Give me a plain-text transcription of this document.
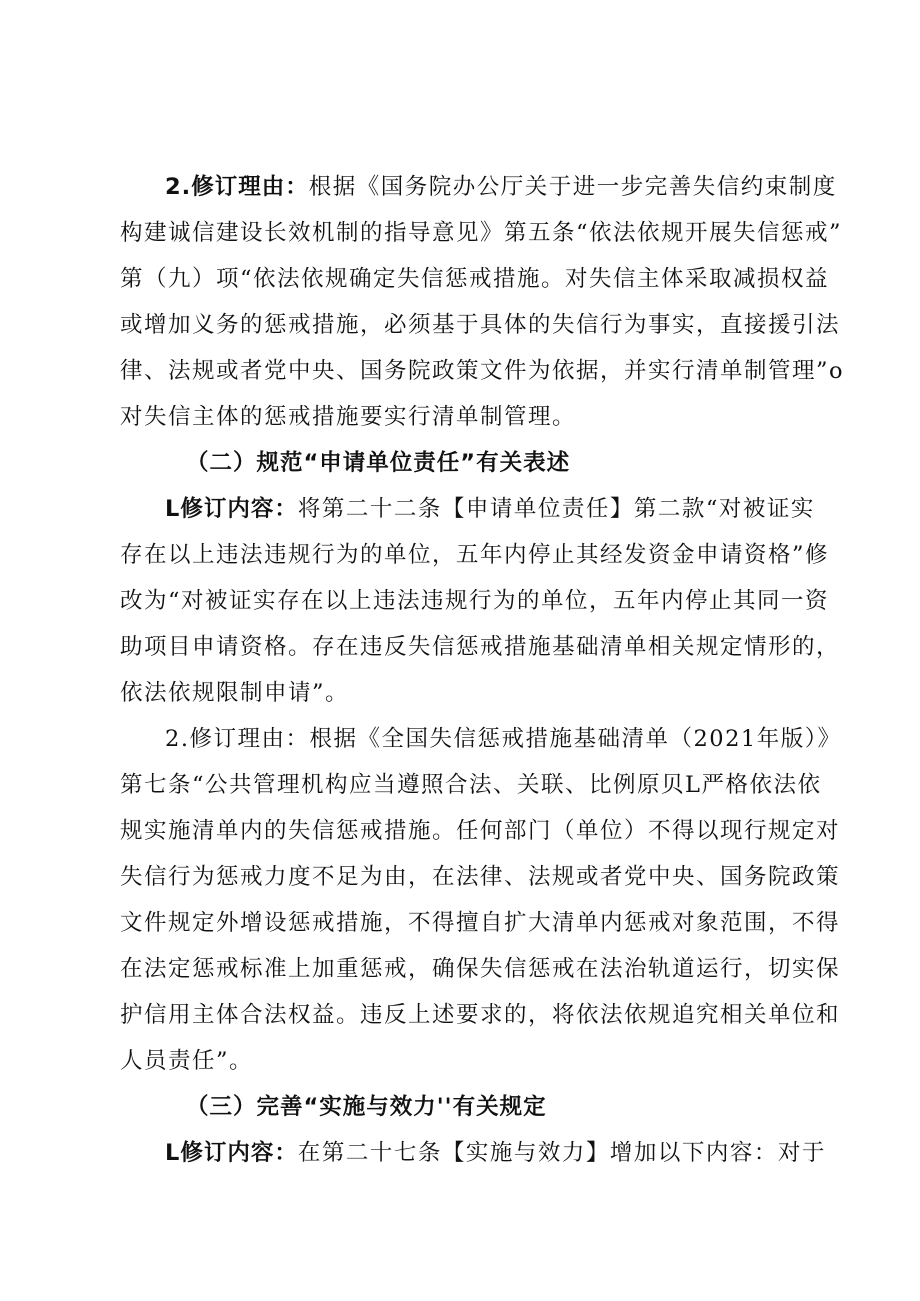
2.修订理由：根据《国务院办公厅关于进一步完善失信约束制度
构建诚信建设长效机制的指导意见》第五条“依法依规开展失信惩戒”
第（九）项“依法依规确定失信惩戒措施。对失信主体采取减损权益
或增加义务的惩戒措施，必须基于具体的失信行为事实，直接援引法
律、法规或者党中央、国务院政策文件为依据，并实行清单制管理”o
对失信主体的惩戒措施要实行清单制管理。
（二）规范“申请单位责任”有关表述
L修订内容：将第二十二条【申请单位责任】第二款“对被证实
存在以上违法违规行为的单位，五年内停止其经发资金申请资格”修
改为“对被证实存在以上违法违规行为的单位，五年内停止其同一资
助项目申请资格。存在违反失信惩戒措施基础清单相关规定情形的，
依法依规限制申请”。
2.修订理由：根据《全国失信惩戒措施基础清单（2021年版）》
第七条“公共管理机构应当遵照合法、关联、比例原贝L严格依法依
规实施清单内的失信惩戒措施。任何部门（单位）不得以现行规定对
失信行为惩戒力度不足为由，在法律、法规或者党中央、国务院政策
文件规定外增设惩戒措施，不得擅自扩大清单内惩戒对象范围，不得
在法定惩戒标准上加重惩戒，确保失信惩戒在法治轨道运行，切实保
护信用主体合法权益。违反上述要求的，将依法依规追究相关单位和
人员责任”。
（三）完善“实施与效力''有关规定
L修订内容：在第二十七条【实施与效力】增加以下内容：对于
